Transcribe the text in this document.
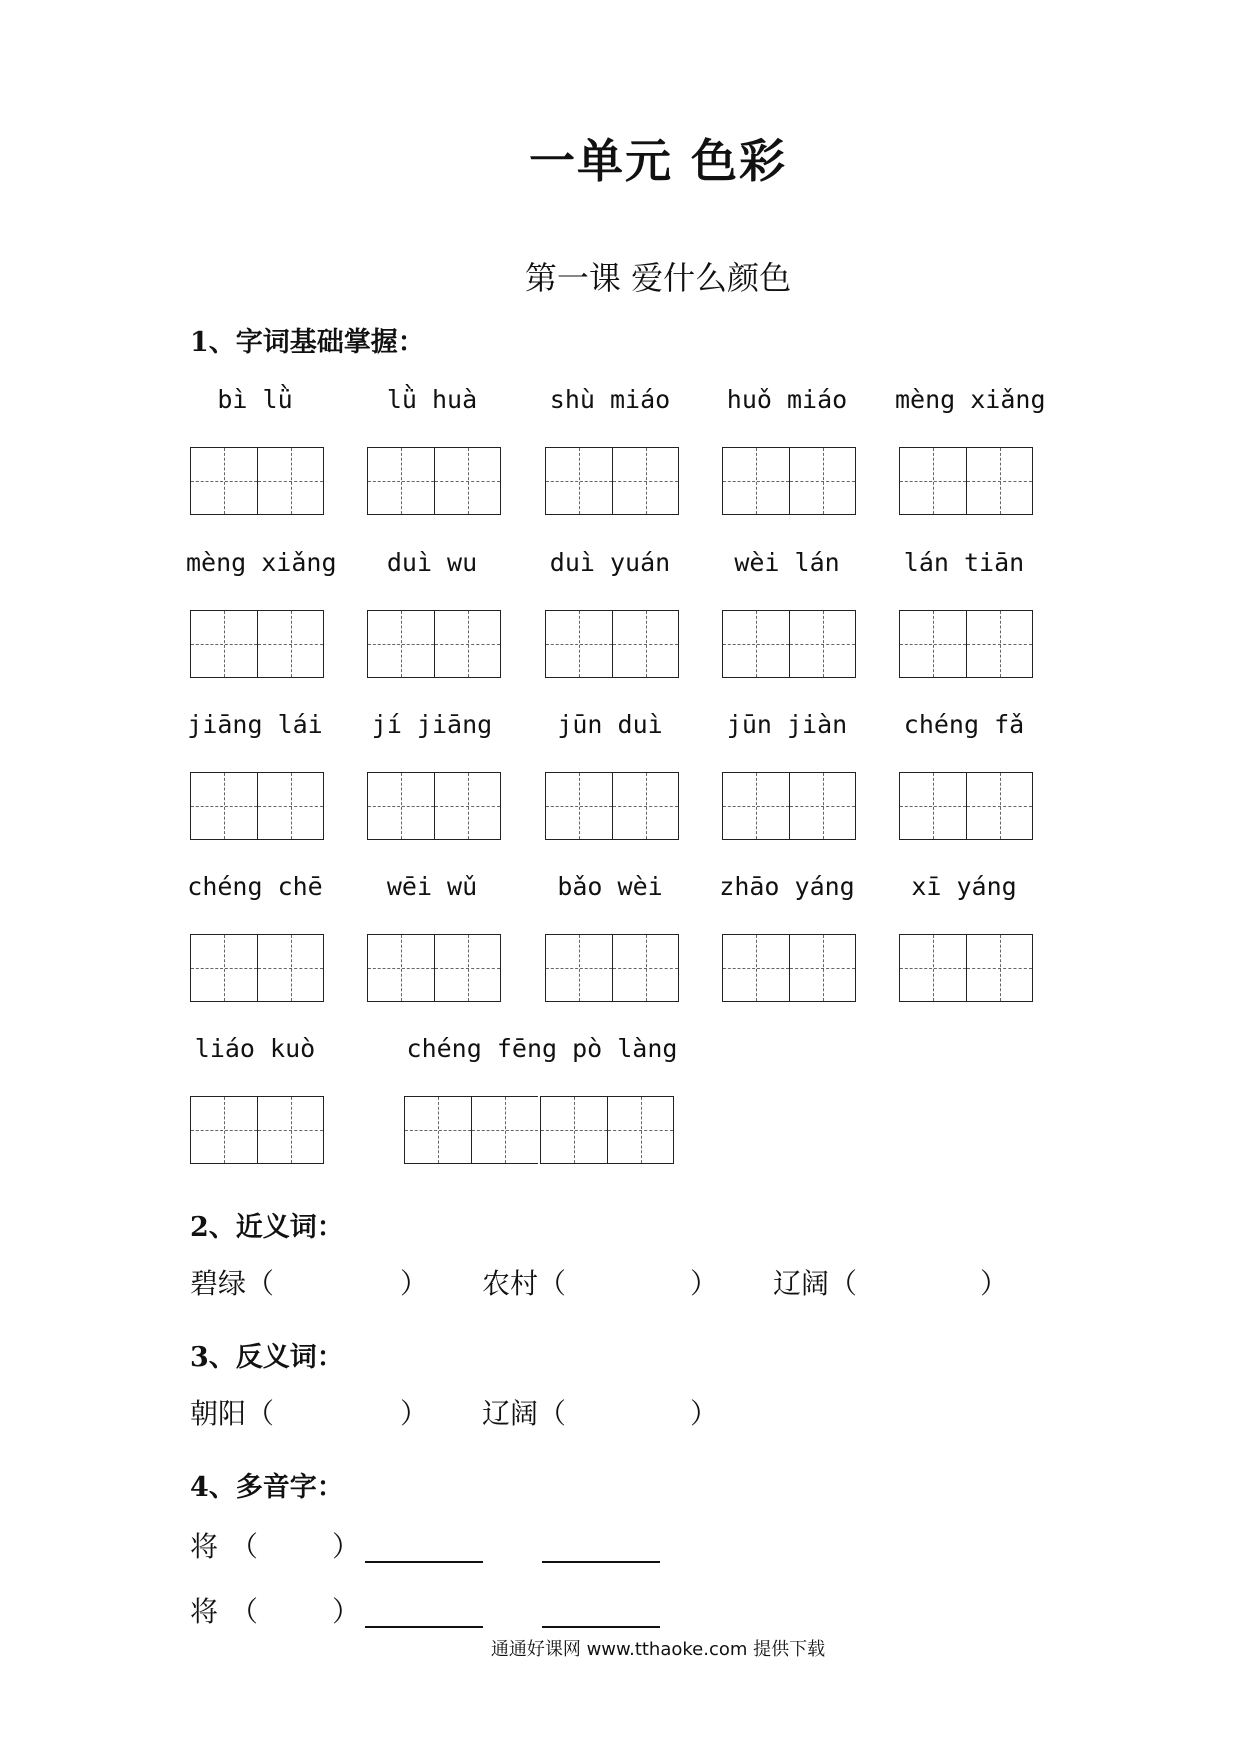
一单元 色彩
第一课 爱什么颜色
1、字词基础掌握：
bì lǜ	lǜ huà	shù miáo	huǒ miáo	mèng xiǎng
mèng xiǎng	duì wu	duì yuán	wèi lán	lán tiān
jiāng lái	jí jiāng	jūn duì	jūn jiàn	chéng fǎ
chéng chē	wēi wǔ	bǎo wèi	zhāo yáng	xī yáng
liáo kuò	chéng fēng pò làng
2、近义词：
碧绿（	） 农村（	） 辽阔（	）
3、反义词：
朝阳（	） 辽阔（	）
4、多音字：
将 （	）
将 （	）
通通好课网 www.tthaoke.com 提供下载
